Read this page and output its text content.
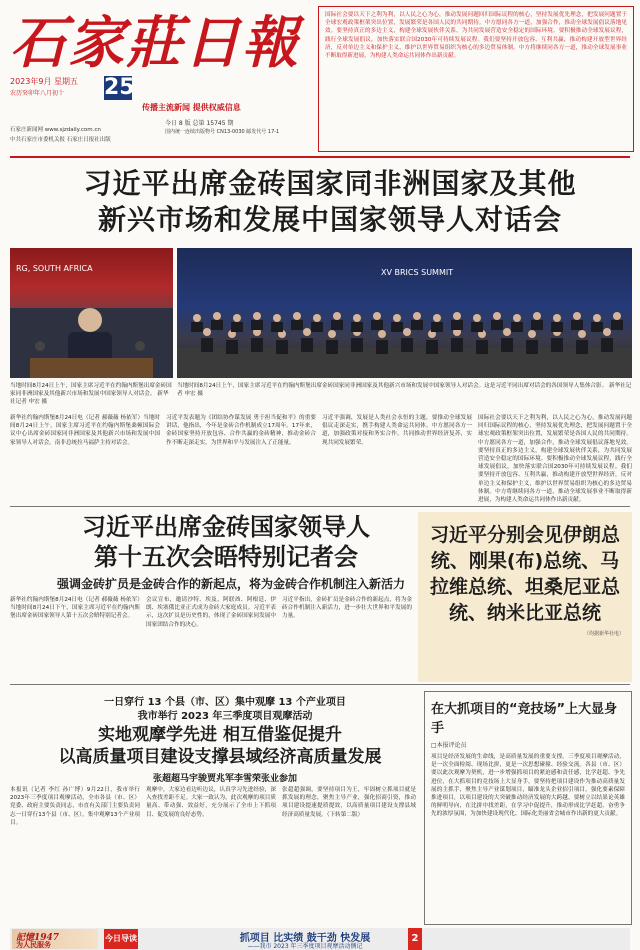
石家莊日報
2023年9月 星期五
农历癸卯年八月初十 25
传播主流新闻 提供权威信息
石家庄新闻网 www.sjzdaily.com.cn
中共石家庄市委机关报 石家庄日报社出版
今日 8 版 总第 15745 期
国内统一连续出版物号 CN13-0030 邮发代号 17-1

国际社会要以天下之利为利，以人民之心为心，推动发展问题回归国际议程的核心，坚持发展优先理念，把发展问题置于全球宏观政策框架突出位置，发展繁荣是各国人民的共同期待。中方愿同各方一道，加强合作，推动全球发展倡议落地见效。要坚持真正的多边主义，构建全球发展伙伴关系，为共同发展营造安全稳定的国际环境。要积极推动全球发展议程，践行全球发展倡议，加快落实联合国2030年可持续发展议程。我们要坚持开放包容、互利共赢，推动构建开放型世界经济，反对单边主义和保护主义，维护以世界贸易组织为核心的多边贸易体制。中方将继续同各方一道，推动全球发展事业不断取得新进展，为构建人类命运共同体作出新贡献。

习近平出席金砖国家同非洲国家及其他
新兴市场和发展中国家领导人对话会
RG, SOUTH AFRICA	XV BRICS SUMMIT
当地时间8月24日上午，国家主席习近平在约翰内斯堡出席金砖国家同非洲国家及其他新兴市场和发展中国家领导人对话会。 新华社记者 申宏 摄
当地时间8月24日上午，国家主席习近平在约翰内斯堡出席金砖国家同非洲国家及其他新兴市场和发展中国家领导人对话会。这是习近平同出席对话会的各国领导人集体合影。 新华社记者 申宏 摄
新华社约翰内斯堡8月24日电（记者 郝薇薇 杨依军）当地时间8月24日上午，国家主席习近平在约翰内斯堡桑顿国际会议中心出席金砖国家同非洲国家及其他新兴市场和发展中国家领导人对话会。南非总统拉马福萨主持对话会。
习近平发表题为《团结协作谋发展 勇于担当促和平》的重要讲话，他指出，今年是金砖合作机制成立17周年。17年来，金砖国家坚持开放包容、合作共赢的金砖精神，推动金砖合作不断走深走实，为世界和平与发展注入了正能量。
习近平强调，发展是人类社会永恒的主题，要推动全球发展倡议走深走实，携手构建人类命运共同体。中方愿同各方一道，加强政策对接和务实合作，共同推动世界经济复苏，实现共同发展繁荣。
国际社会要以天下之利为利，以人民之心为心，推动发展问题回归国际议程的核心，坚持发展优先理念，把发展问题置于全球宏观政策框架突出位置，发展繁荣是各国人民的共同期待。中方愿同各方一道，加强合作，推动全球发展倡议落地见效。要坚持真正的多边主义，构建全球发展伙伴关系，为共同发展营造安全稳定的国际环境。要积极推动全球发展议程，践行全球发展倡议，加快落实联合国2030年可持续发展议程。我们要坚持开放包容、互利共赢，推动构建开放型世界经济，反对单边主义和保护主义，维护以世界贸易组织为核心的多边贸易体制。中方将继续同各方一道，推动全球发展事业不断取得新进展，为构建人类命运共同体作出新贡献。
习近平出席金砖国家领导人
第十五次会晤特别记者会
强调金砖扩员是金砖合作的新起点，将为金砖合作机制注入新活力
新华社约翰内斯堡8月24日电（记者 郝薇薇 杨依军）当地时间8月24日下午，国家主席习近平在约翰内斯堡出席金砖国家领导人第十五次会晤特别记者会。
会议宣布，邀请沙特、埃及、阿联酋、阿根廷、伊朗、埃塞俄比亚正式成为金砖大家庭成员。习近平表示，这次扩员是历史性的，体现了金砖国家同发展中国家团结合作的决心。
习近平指出，金砖扩员是金砖合作的新起点，将为金砖合作机制注入新活力，进一步壮大世界和平发展的力量。
习近平分别会见伊朗总统、刚果(布)总统、马拉维总统、坦桑尼亚总统、纳米比亚总统
（均据新华社电）
一日穿行 13 个县（市、区）集中观摩 13 个产业项目
我市举行 2023 年三季度项目观摩活动
实地观摩学先进 相互借鉴促提升
以高质量项目建设支撑县域经济高质量发展
张超超马宇骏贾兆军李雪荣张业参加
本报讯（记者 李红 孙广博）9月22日，我市举行2023年三季度项目观摩活动，全市各县（市、区）党委、政府主要负责同志，市直有关部门主要负责同志一日穿行13个县（市、区），集中观摩13个产业项目。
观摩中，大家边看边听边议，认真学习先进经验，深入查找差距不足。大家一致认为，此次观摩的项目质量高、带动强、效益好，充分展示了全市上下抓项目、促发展的良好态势。
张超超强调，要坚持项目为王，牢固树立抓项目就是抓发展的理念，聚焦主导产业，强化招商引资，推动项目建设提速提质提效，以高质量项目建设支撑县域经济高质量发展。（下转第二版）
在大抓项目的“竞技场”上大显身手
□本报评论员
项目是经济发展的生命线，是高质量发展的重要支撑。三季度项目观摩活动，是一次全面检阅、现场比拼，更是一次思想碰撞、经验交流。各县（市、区）要以此次观摩为契机，进一步增强抓项目的紧迫感和责任感，比学赶超、争先进位，在大抓项目的竞技场上大显身手。要坚持把项目建设作为推动高质量发展的主抓手，聚焦主导产业谋划项目，瞄准龙头企业招引项目，强化要素保障推进项目，以项目建设的大突破推动经济发展的大跨越。要树立以结果论英雄的鲜明导向，在比拼中找差距，在学习中促提升，推动形成比学赶超、奋勇争先的浓厚氛围，为加快建设现代化、国际化美丽省会城市作出新的更大贡献。
記憶1947
为人民服务
今日导读	抓项目 比实绩 鼓干劲 快发展
——我市 2023 年三季度项目观摩活动侧记
2
